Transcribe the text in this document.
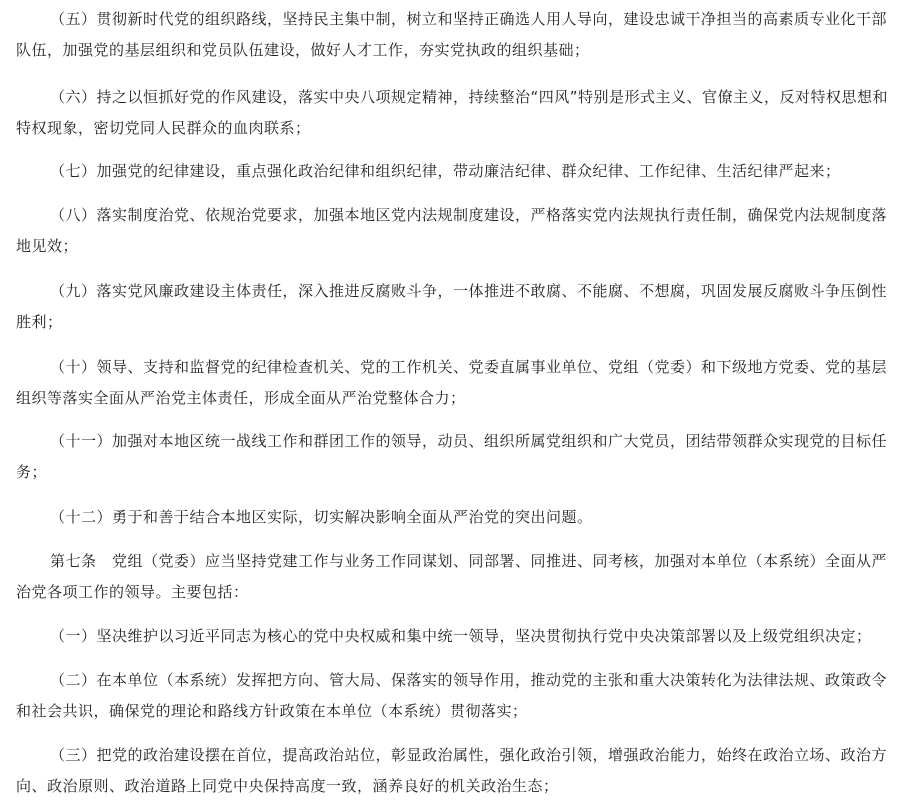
（五）贯彻新时代党的组织路线，坚持民主集中制，树立和坚持正确选人用人导向，建设忠诚干净担当的高素质专业化干部队伍，加强党的基层组织和党员队伍建设，做好人才工作，夯实党执政的组织基础；

（六）持之以恒抓好党的作风建设，落实中央八项规定精神，持续整治“四风”特别是形式主义、官僚主义，反对特权思想和特权现象，密切党同人民群众的血肉联系；

（七）加强党的纪律建设，重点强化政治纪律和组织纪律，带动廉洁纪律、群众纪律、工作纪律、生活纪律严起来；

（八）落实制度治党、依规治党要求，加强本地区党内法规制度建设，严格落实党内法规执行责任制，确保党内法规制度落地见效；

（九）落实党风廉政建设主体责任，深入推进反腐败斗争，一体推进不敢腐、不能腐、不想腐，巩固发展反腐败斗争压倒性胜利；

（十）领导、支持和监督党的纪律检查机关、党的工作机关、党委直属事业单位、党组（党委）和下级地方党委、党的基层组织等落实全面从严治党主体责任，形成全面从严治党整体合力；

（十一）加强对本地区统一战线工作和群团工作的领导，动员、组织所属党组织和广大党员，团结带领群众实现党的目标任务；

（十二）勇于和善于结合本地区实际，切实解决影响全面从严治党的突出问题。

第七条　党组（党委）应当坚持党建工作与业务工作同谋划、同部署、同推进、同考核，加强对本单位（本系统）全面从严治党各项工作的领导。主要包括：

（一）坚决维护以习近平同志为核心的党中央权威和集中统一领导，坚决贯彻执行党中央决策部署以及上级党组织决定；

（二）在本单位（本系统）发挥把方向、管大局、保落实的领导作用，推动党的主张和重大决策转化为法律法规、政策政令和社会共识，确保党的理论和路线方针政策在本单位（本系统）贯彻落实；

（三）把党的政治建设摆在首位，提高政治站位，彰显政治属性，强化政治引领，增强政治能力，始终在政治立场、政治方向、政治原则、政治道路上同党中央保持高度一致，涵养良好的机关政治生态；
